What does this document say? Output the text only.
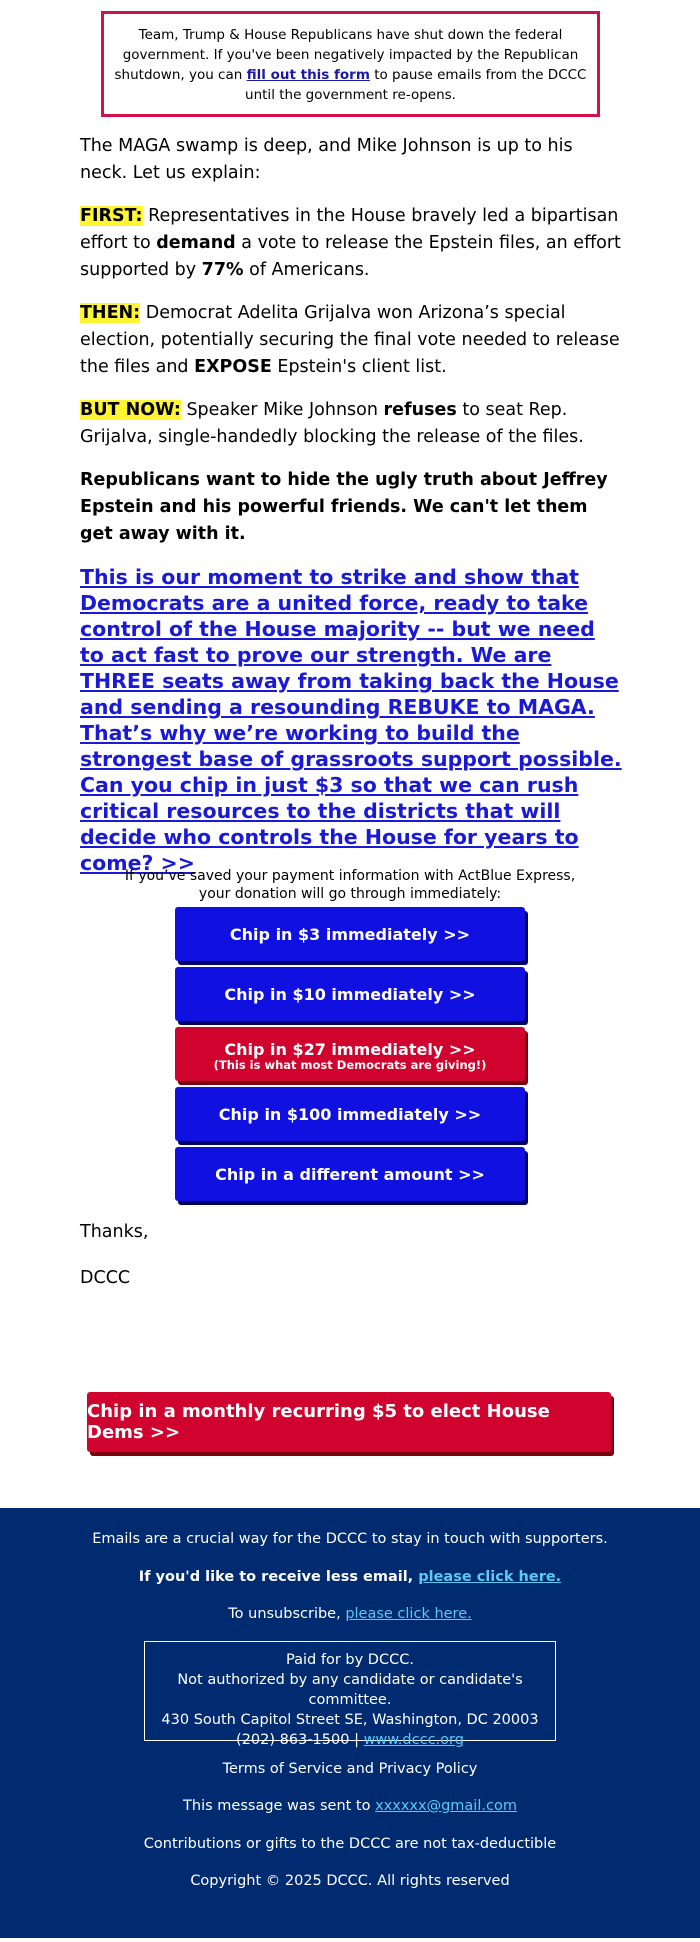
Team, Trump & House Republicans have shut down the federal government. If you've been negatively impacted by the Republican shutdown, you can fill out this form to pause emails from the DCCC until the government re-opens.

The MAGA swamp is deep, and Mike Johnson is up to his neck. Let us explain:

FIRST: Representatives in the House bravely led a bipartisan effort to demand a vote to release the Epstein files, an effort supported by 77% of Americans.

THEN: Democrat Adelita Grijalva won Arizona’s special election, potentially securing the final vote needed to release the files and EXPOSE Epstein's client list.

BUT NOW: Speaker Mike Johnson refuses to seat Rep. Grijalva, single-handedly blocking the release of the files.

Republicans want to hide the ugly truth about Jeffrey Epstein and his powerful friends. We can't let them get away with it.

This is our moment to strike and show that Democrats are a united force, ready to take control of the House majority -- but we need to act fast to prove our strength. We are THREE seats away from taking back the House and sending a resounding REBUKE to MAGA. That’s why we’re working to build the strongest base of grassroots support possible. Can you chip in just $3 so that we can rush critical resources to the districts that will decide who controls the House for years to come? >>
If you’ve saved your payment information with ActBlue Express,
your donation will go through immediately:
Chip in $3 immediately >>
Chip in $10 immediately >>
Chip in $27 immediately >>
(This is what most Democrats are giving!)
Chip in $100 immediately >>
Chip in a different amount >>
Thanks,
DCCC
Chip in a monthly recurring $5 to elect House Dems >>
Emails are a crucial way for the DCCC to stay in touch with supporters.
If you'd like to receive less email, please click here.
To unsubscribe, please click here.
Paid for by DCCC.
Not authorized by any candidate or candidate's committee.
430 South Capitol Street SE, Washington, DC 20003
(202) 863-1500 | www.dccc.org
Terms of Service and Privacy Policy
This message was sent to xxxxxx@gmail.com
Contributions or gifts to the DCCC are not tax-deductible
Copyright © 2025 DCCC. All rights reserved
